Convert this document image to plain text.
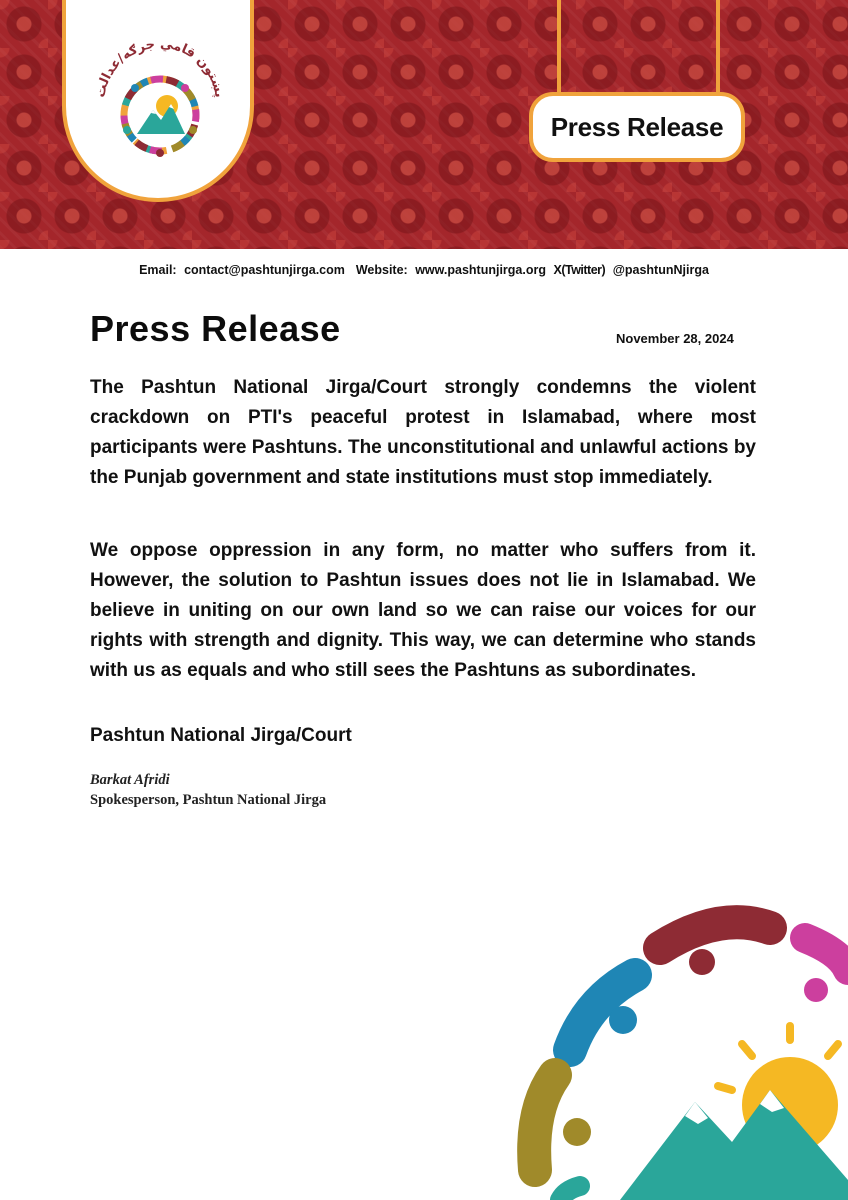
پښتون قامي جرګه/عدالت
Press Release
Email: contact@pashtunjirga.com Website: www.pashtunjirga.org X(Twitter) @pashtunNjirga
Press Release	November 28, 2024

The Pashtun National Jirga/Court strongly condemns the violent crackdown on PTI's peaceful protest in Islamabad, where most participants were Pashtuns. The unconstitutional and unlawful actions by the Punjab government and state institutions must stop immediately.

We oppose oppression in any form, no matter who suffers from it. However, the solution to Pashtun issues does not lie in Islamabad. We believe in uniting on our own land so we can raise our voices for our rights with strength and dignity. This way, we can determine who stands with us as equals and who still sees the Pashtuns as subordinates.

Pashtun National Jirga/Court
Barkat Afridi
Spokesperson, Pashtun National Jirga
